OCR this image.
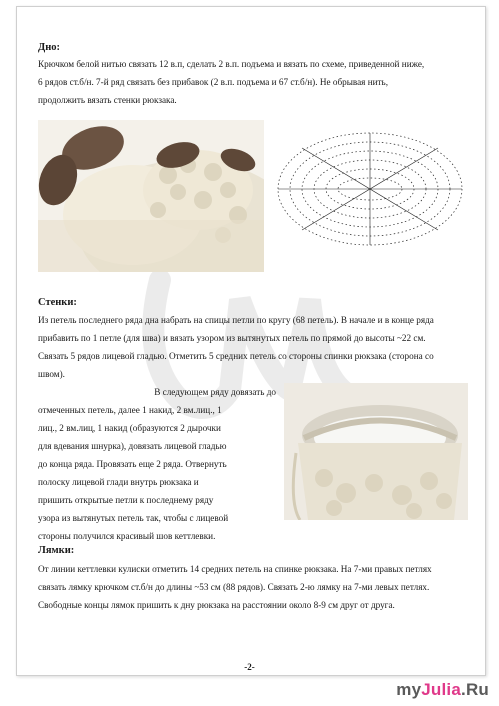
Дно:

Крючком белой нитью связать 12 в.п, сделать 2 в.п. подъема и вязать по схеме, приведенной ниже,

6 рядов ст.б/н. 7-й ряд связать без прибавок (2 в.п. подъема и 67 ст.б/н). Не обрывая нить,

продолжить вязать стенки рюкзака.

Стенки:

Из петель последнего ряда дна набрать на спицы петли по кругу (68 петель). В начале и в конце ряда

прибавить по 1 петле (для шва) и вязать узором из вытянутых петель по прямой до высоты ~22 см.

Связать 5 рядов лицевой гладью. Отметить 5 средних петель со стороны спинки рюкзака (сторона со

швом).

В следующем ряду довязать до

отмеченных петель, далее 1 накид, 2 вм.лиц., 1

лиц., 2 вм.лиц, 1 накид (образуются 2 дырочки

для вдевания шнурка), довязать лицевой гладью

до конца ряда. Провязать еще 2 ряда. Отвернуть

полоску лицевой глади внутрь рюкзака и

пришить открытые петли к последнему ряду

узора из вытянутых петель так, чтобы с лицевой

стороны получился красивый шов кеттлевки.

Лямки:

От линии кеттлевки кулиски отметить 14 средних петель на спинке рюкзака. На 7-ми правых петлях

связать лямку крючком ст.б/н до длины ~53 см (88 рядов). Связать 2-ю лямку на 7-ми левых петлях.

Свободные концы лямок пришить к дну рюкзака на расстоянии около 8-9 см друг от друга.

-2-
myJulia.Ru
